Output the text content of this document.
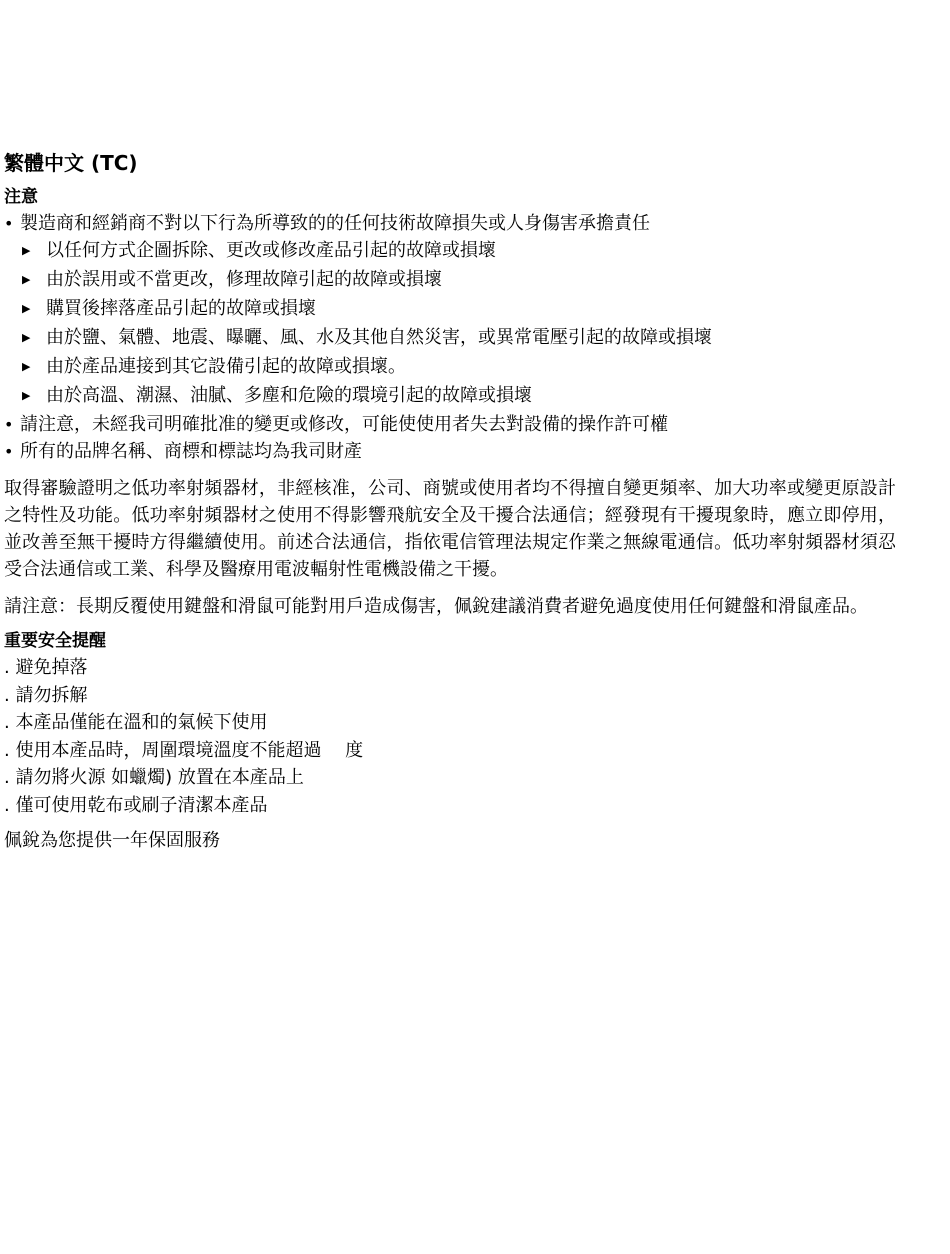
繁體中文 (TC)
注意
• 製造商和經銷商不對以下行為所導致的的任何技術故障損失或人身傷害承擔責任
▶ 以任何方式企圖拆除、更改或修改產品引起的故障或損壞
▶ 由於誤用或不當更改，修理故障引起的故障或損壞
▶ 購買後摔落產品引起的故障或損壞
▶ 由於鹽、氣體、地震、曝曬、風、水及其他自然災害，或異常電壓引起的故障或損壞
▶ 由於產品連接到其它設備引起的故障或損壞。
▶ 由於高溫、潮濕、油膩、多塵和危險的環境引起的故障或損壞
• 請注意，未經我司明確批准的變更或修改，可能使使用者失去對設備的操作許可權
• 所有的品牌名稱、商標和標誌均為我司財產

取得審驗證明之低功率射頻器材，非經核准，公司、商號或使用者均不得擅自變更頻率、加大功率或變更原設計之特性及功能。低功率射頻器材之使用不得影響飛航安全及干擾合法通信；經發現有干擾現象時，應立即停用，並改善至無干擾時方得繼續使用。前述合法通信，指依電信管理法規定作業之無線電通信。低功率射頻器材須忍受合法通信或工業、科學及醫療用電波輻射性電機設備之干擾。

請注意：長期反覆使用鍵盤和滑鼠可能對用戶造成傷害，佩銳建議消費者避免過度使用任何鍵盤和滑鼠產品。

重要安全提醒
. 避免掉落
. 請勿拆解
. 本產品僅能在溫和的氣候下使用
. 使用本產品時，周圍環境溫度不能超過　 度
. 請勿將火源 如蠟燭) 放置在本產品上
. 僅可使用乾布或刷子清潔本產品
佩銳為您提供一年保固服務
